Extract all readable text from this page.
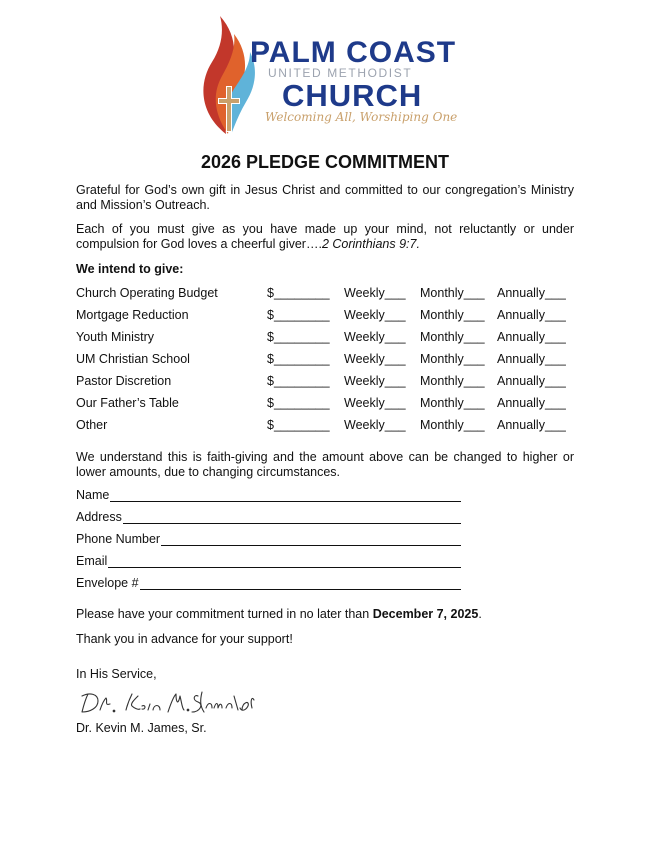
PALM COAST
UNITED METHODIST
CHURCH
Welcoming All, Worshiping One
2026 PLEDGE COMMITMENT
Grateful for God’s own gift in Jesus Christ and committed to our congregation’s Ministry and Mission’s Outreach.
Each of you must give as you have made up your mind, not reluctantly or under
compulsion for God loves a cheerful giver….2 Corinthians 9:7.
We intend to give:
Church Operating Budget	$________ Weekly___ Monthly___ Annually___
Mortgage Reduction	$________ Weekly___ Monthly___ Annually___
Youth Ministry	$________ Weekly___ Monthly___ Annually___
UM Christian School	$________ Weekly___ Monthly___ Annually___
Pastor Discretion	$________ Weekly___ Monthly___ Annually___
Our Father’s Table	$________ Weekly___ Monthly___ Annually___
Other	$________ Weekly___ Monthly___ Annually___
We understand this is faith-giving and the amount above can be changed to higher or lower amounts, due to changing circumstances.
Name
Address
Phone Number
Email
Envelope #
Please have your commitment turned in no later than December 7, 2025.
Thank you in advance for your support!
In His Service,
Dr. Kevin M. James, Sr.
